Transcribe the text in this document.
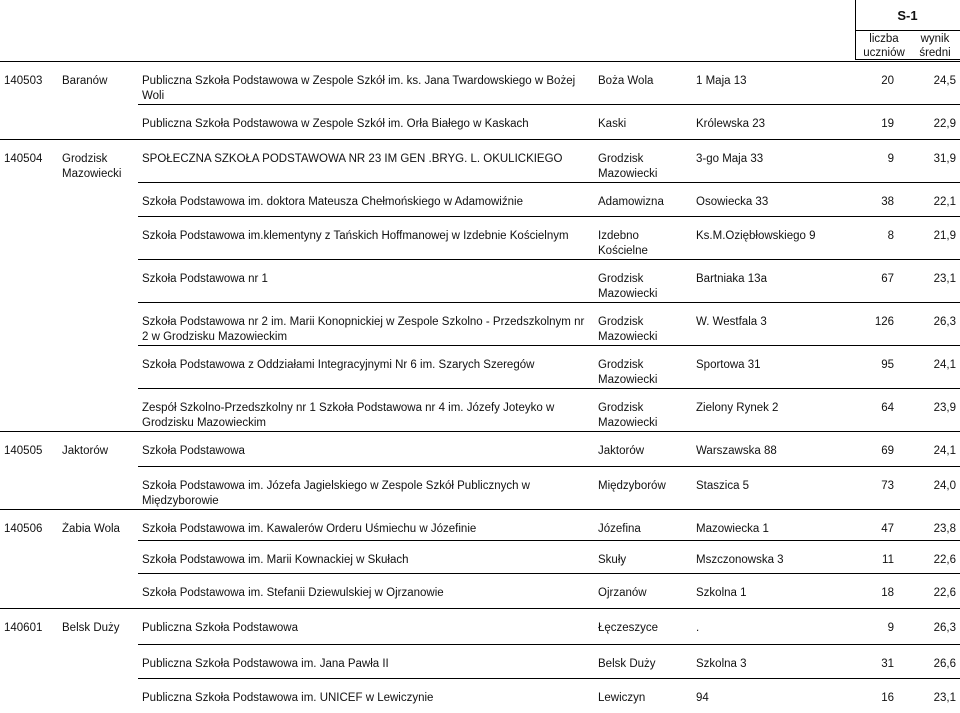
S-1
liczba
uczniów
wynik
średni
140503	Baranów	Publiczna Szkoła Podstawowa w Zespole Szkół im. ks. Jana Twardowskiego w Bożej Woli	Boża Wola	1 Maja 13	20	24,5

		Publiczna Szkoła Podstawowa w Zespole Szkół im. Orła Białego w Kaskach	Kaski	Królewska 23	19	22,9

140504	Grodzisk Mazowiecki	SPOŁECZNA SZKOŁA PODSTAWOWA NR 23 IM GEN .BRYG. L. OKULICKIEGO	Grodzisk Mazowiecki	3-go Maja 33	9	31,9

		Szkoła Podstawowa im. doktora Mateusza Chełmońskiego w Adamowiźnie	Adamowizna	Osowiecka 33	38	22,1

		Szkoła Podstawowa im.klementyny z Tańskich Hoffmanowej w Izdebnie Kościelnym	Izdebno Kościelne	Ks.M.Oziębłowskiego 9	8	21,9

		Szkoła Podstawowa nr 1	Grodzisk Mazowiecki	Bartniaka 13a	67	23,1

		Szkoła Podstawowa nr 2 im. Marii Konopnickiej w Zespole Szkolno - Przedszkolnym nr 2 w Grodzisku Mazowieckim	Grodzisk Mazowiecki	W. Westfala 3	126	26,3

		Szkoła Podstawowa z Oddziałami Integracyjnymi Nr 6 im. Szarych Szeregów	Grodzisk Mazowiecki	Sportowa 31	95	24,1

		Zespół Szkolno-Przedszkolny nr 1 Szkoła Podstawowa nr 4 im. Józefy Joteyko w Grodzisku Mazowieckim	Grodzisk Mazowiecki	Zielony Rynek 2	64	23,9

140505	Jaktorów	Szkoła Podstawowa	Jaktorów	Warszawska 88	69	24,1

		Szkoła Podstawowa im. Józefa Jagielskiego w Zespole Szkół Publicznych w Międzyborowie	Międzyborów	Staszica 5	73	24,0

140506	Żabia Wola	Szkoła Podstawowa im. Kawalerów Orderu Uśmiechu w Józefinie	Józefina	Mazowiecka 1	47	23,8

		Szkoła Podstawowa im. Marii Kownackiej w Skułach	Skuły	Mszczonowska 3	11	22,6

		Szkoła Podstawowa im. Stefanii Dziewulskiej w Ojrzanowie	Ojrzanów	Szkolna 1	18	22,6

140601	Belsk Duży	Publiczna Szkoła Podstawowa	Łęczeszyce	.	9	26,3

		Publiczna Szkoła Podstawowa im. Jana Pawła II	Belsk Duży	Szkolna 3	31	26,6

		Publiczna Szkoła Podstawowa im. UNICEF w Lewiczynie	Lewiczyn	94	16	23,1
